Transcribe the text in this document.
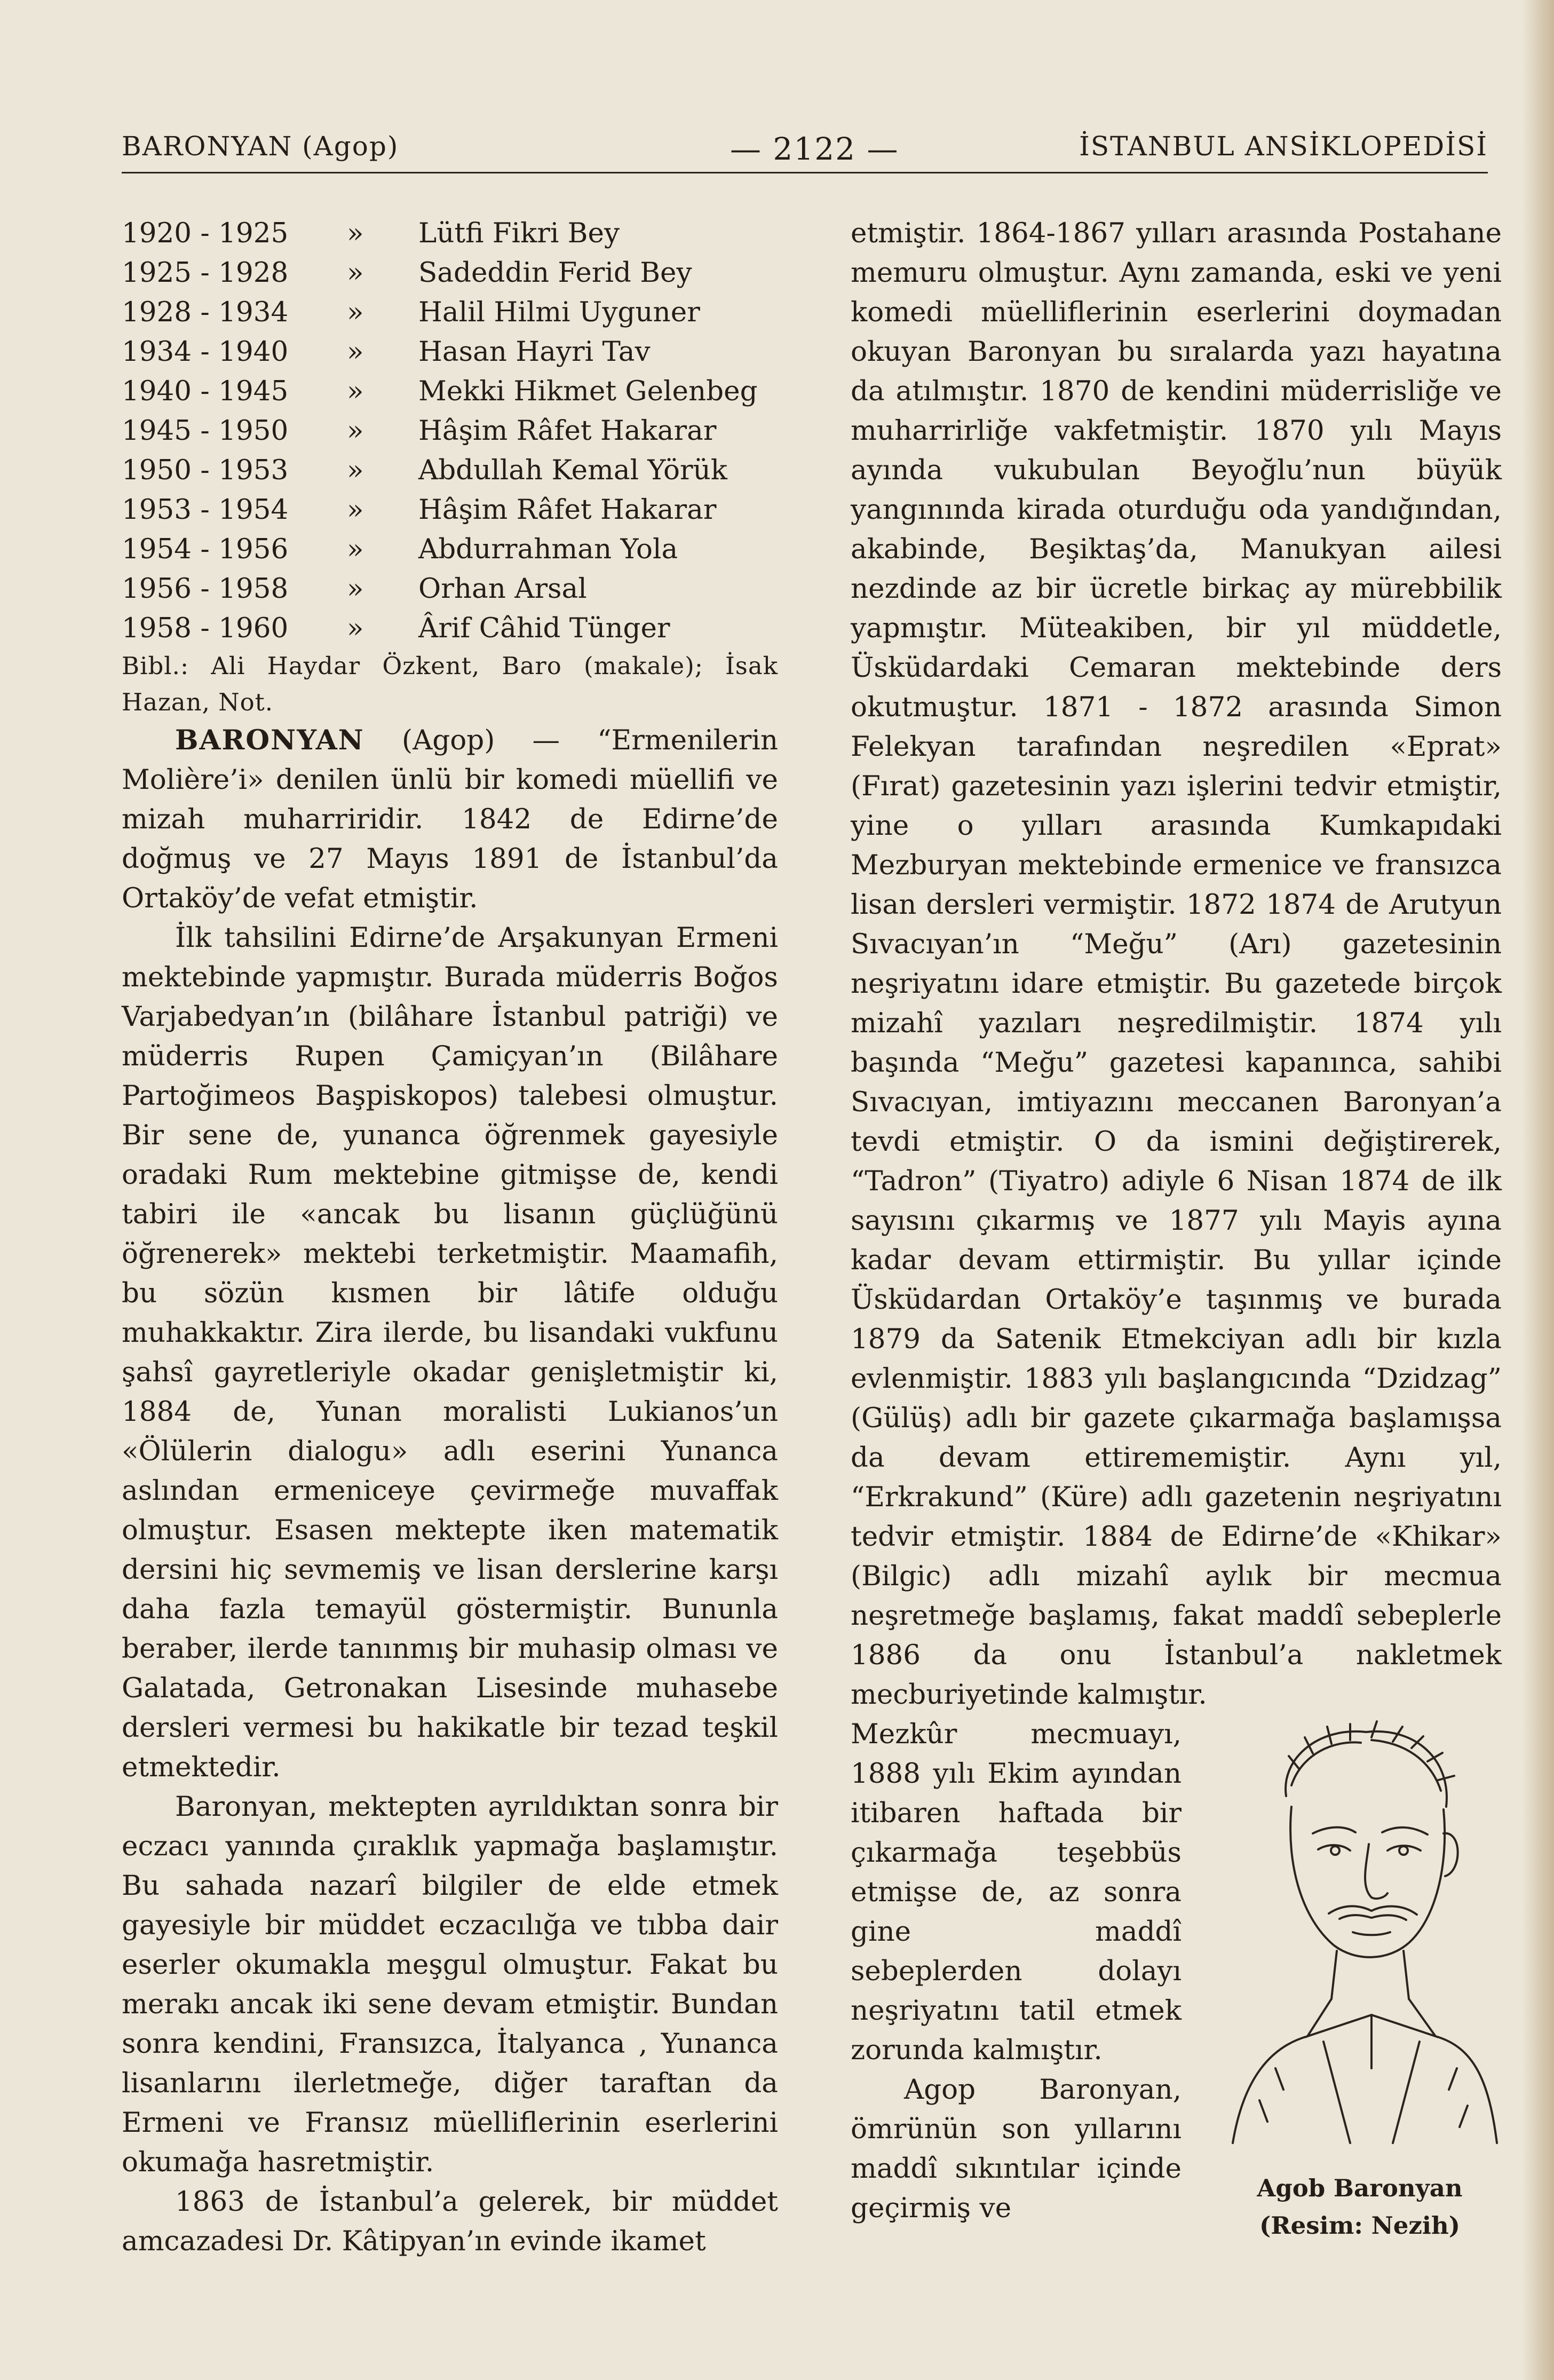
BARONYAN (Agop)	— 2122 —	İSTANBUL ANSİKLOPEDİSİ
1920 - 1925 » Lütfi Fikri Bey
1925 - 1928 » Sadeddin Ferid Bey
1928 - 1934 » Halil Hilmi Uyguner
1934 - 1940 » Hasan Hayri Tav
1940 - 1945 » Mekki Hikmet Gelenbeg
1945 - 1950 » Hâşim Râfet Hakarar
1950 - 1953 » Abdullah Kemal Yörük
1953 - 1954 » Hâşim Râfet Hakarar
1954 - 1956 » Abdurrahman Yola
1956 - 1958 » Orhan Arsal
1958 - 1960 » Ârif Câhid Tünger

Bibl.: Ali Haydar Özkent, Baro (makale); İsak Hazan, Not.

BARONYAN (Agop) — “Ermenilerin Molière’i» denilen ünlü bir komedi müellifi ve mizah muharriridir. 1842 de Edirne’de doğmuş ve 27 Mayıs 1891 de İstanbul’da Ortaköy’de vefat etmiştir.

İlk tahsilini Edirne’de Arşakunyan Ermeni mektebinde yapmıştır. Burada müderris Boğos Varjabedyan’ın (bilâhare İstanbul patriği) ve müderris Rupen Çamiçyan’ın (Bilâhare Partoğimeos Başpiskopos) talebesi olmuştur. Bir sene de, yunanca öğrenmek gayesiyle oradaki Rum mektebine gitmişse de, kendi tabiri ile «ancak bu lisanın güçlüğünü öğrenerek» mektebi terketmiştir. Maamafih, bu sözün kısmen bir lâtife olduğu muhakkaktır. Zira ilerde, bu lisandaki vukfunu şahsî gayretleriyle okadar genişletmiştir ki, 1884 de, Yunan moralisti Lukianos’un «Ölülerin dialogu» adlı eserini Yunanca aslından ermeniceye çevirmeğe muvaffak olmuştur. Esasen mektepte iken matematik dersini hiç sevmemiş ve lisan derslerine karşı daha fazla temayül göstermiştir. Bununla beraber, ilerde tanınmış bir muhasip olması ve Galatada, Getronakan Lisesinde muhasebe dersleri vermesi bu hakikatle bir tezad teşkil etmektedir.

Baronyan, mektepten ayrıldıktan sonra bir eczacı yanında çıraklık yapmağa başlamıştır. Bu sahada nazarî bilgiler de elde etmek gayesiyle bir müddet eczacılığa ve tıbba dair eserler okumakla meşgul olmuştur. Fakat bu merakı ancak iki sene devam etmiştir. Bundan sonra kendini, Fransızca, İtalyanca , Yunanca lisanlarını ilerletmeğe, diğer taraftan da Ermeni ve Fransız müelliflerinin eserlerini okumağa hasretmiştir.

1863 de İstanbul’a gelerek, bir müddet amcazadesi Dr. Kâtipyan’ın evinde ikamet

etmiştir. 1864-1867 yılları arasında Postahane memuru olmuştur. Aynı zamanda, eski ve yeni komedi müelliflerinin eserlerini doymadan okuyan Baronyan bu sıralarda yazı hayatına da atılmıştır. 1870 de kendini müderrisliğe ve muharrirliğe vakfetmiştir. 1870 yılı Mayıs ayında vukubulan Beyoğlu’nun büyük yangınında kirada oturduğu oda yandığından, akabinde, Beşiktaş’da, Manukyan ailesi nezdinde az bir ücretle birkaç ay mürebbilik yapmıştır. Müteakiben, bir yıl müddetle, Üsküdardaki Cemaran mektebinde ders okutmuştur. 1871 - 1872 arasında Simon Felekyan tarafından neşredilen «Eprat» (Fırat) gazetesinin yazı işlerini tedvir etmiştir, yine o yılları arasında Kumkapıdaki Mezburyan mektebinde ermenice ve fransızca lisan dersleri vermiştir. 1872 1874 de Arutyun Sıvacıyan’ın “Meğu” (Arı) gazetesinin neşriyatını idare etmiştir. Bu gazetede birçok mizahî yazıları neşredilmiştir. 1874 yılı başında “Meğu” gazetesi kapanınca, sahibi Sıvacıyan, imtiyazını meccanen Baronyan’a tevdi etmiştir. O da ismini değiştirerek, “Tadron” (Tiyatro) adiyle 6 Nisan 1874 de ilk sayısını çıkarmış ve 1877 yılı Mayis ayına kadar devam ettirmiştir. Bu yıllar içinde Üsküdardan Ortaköy’e taşınmış ve burada 1879 da Satenik Etmekciyan adlı bir kızla evlenmiştir. 1883 yılı başlangıcında “Dzidzag” (Gülüş) adlı bir gazete çıkarmağa başlamışsa da devam ettirememiştir. Aynı yıl, “Erkrakund” (Küre) adlı gazetenin neşriyatını tedvir etmiştir. 1884 de Edirne’de «Khikar» (Bilgic) adlı mizahî aylık bir mecmua neşretmeğe başlamış, fakat maddî sebeplerle 1886 da onu İstanbul’a nakletmek mecburiyetinde kalmıştır.

Mezkûr mecmuayı, 1888 yılı Ekim ayından itibaren haftada bir çıkarmağa teşebbüs etmişse de, az sonra gine maddî sebeplerden dolayı neşriyatını tatil etmek zorunda kalmıştır.

Agop Baronyan, ömrünün son yıllarını maddî sıkıntılar içinde geçirmiş ve

Agob Baronyan
(Resim: Nezih)
